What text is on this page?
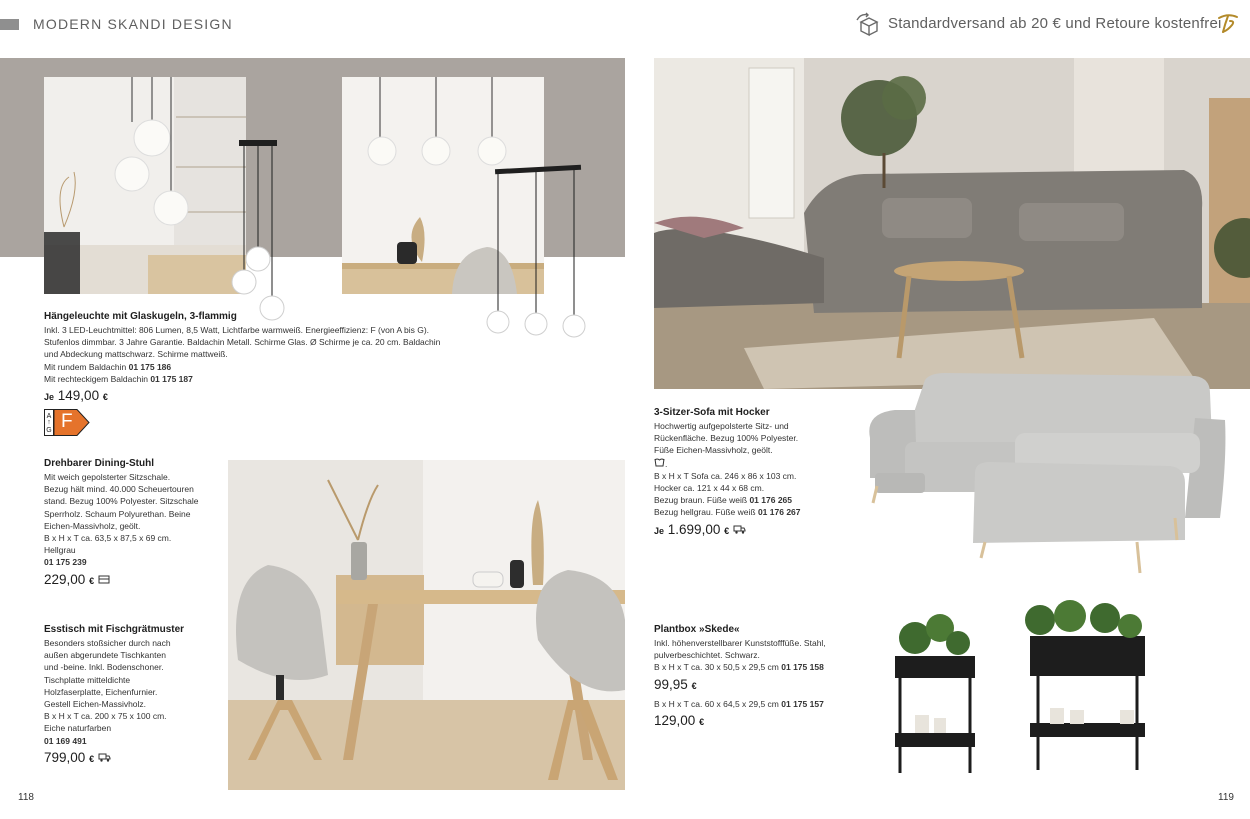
MODERN SKANDI DESIGN	Standardversand ab 20 € und Retoure kostenfrei
Hängeleuchte mit Glaskugeln, 3-flammig
Inkl. 3 LED-Leuchtmittel: 806 Lumen, 8,5 Watt, Lichtfarbe warmweiß. Energieeffizienz: F (von A bis G).
Stufenlos dimmbar. 3 Jahre Garantie. Baldachin Metall. Schirme Glas. Ø Schirme je ca. 20 cm. Baldachin
und Abdeckung mattschwarz. Schirme mattweiß.
Mit rundem Baldachin 01 175 186
Mit rechteckigem Baldachin 01 175 187
Je 149,00 €
A
↑
G F
Drehbarer Dining-Stuhl
Mit weich gepolsterter Sitzschale.
Bezug hält mind. 40.000 Scheuertouren
stand. Bezug 100% Polyester. Sitzschale
Sperrholz. Schaum Polyurethan. Beine
Eichen-Massivholz, geölt.
B x H x T ca. 63,5 x 87,5 x 69 cm.
Hellgrau
01 175 239
229,00 €
Esstisch mit Fischgrätmuster
Besonders stoßsicher durch nach
außen abgerundete Tischkanten
und -beine. Inkl. Bodenschoner.
Tischplatte mitteldichte
Holzfaserplatte, Eichenfurnier.
Gestell Eichen-Massivholz.
B x H x T ca. 200 x 75 x 100 cm.
Eiche naturfarben
01 169 491
799,00 €
3-Sitzer-Sofa mit Hocker
Hochwertig aufgepolsterte Sitz- und
Rückenfläche. Bezug 100% Polyester.
Füße Eichen-Massivholz, geölt.
.

B x H x T Sofa ca. 246 x 86 x 103 cm.
Hocker ca. 121 x 44 x 68 cm.
Bezug braun. Füße weiß 01 176 265
Bezug hellgrau. Füße weiß 01 176 267
Je 1.699,00 €
Plantbox »Skede«
Inkl. höhenverstellbarer Kunststofffüße. Stahl,
pulverbeschichtet. Schwarz.
B x H x T ca. 30 x 50,5 x 29,5 cm 01 175 158
99,95 €
B x H x T ca. 60 x 64,5 x 29,5 cm 01 175 157
129,00 €
118	119
